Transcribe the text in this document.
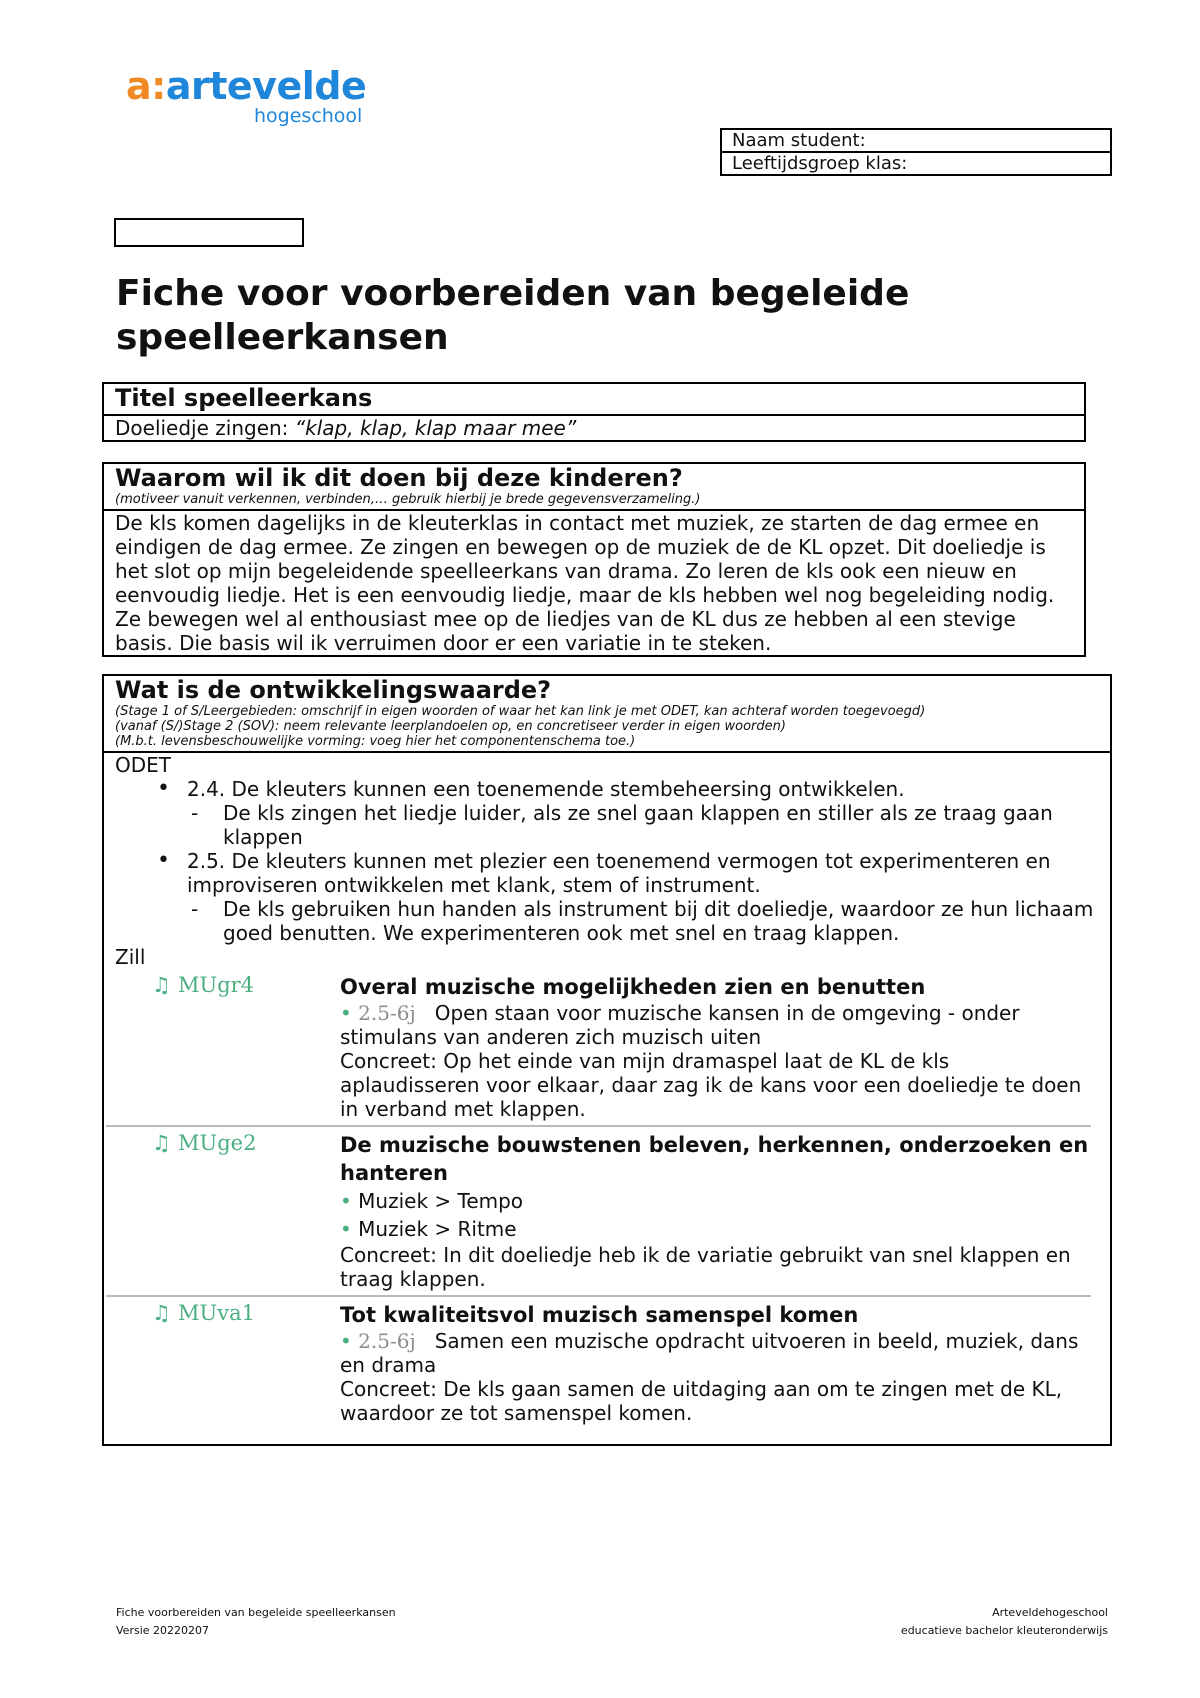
a:artevelde
hogeschool
Naam student:
Leeftijdsgroep klas:
Fiche voor voorbereiden van begeleide speelleerkansen
Titel speelleerkans
Doeliedje zingen: “klap, klap, klap maar mee”
Waarom wil ik dit doen bij deze kinderen?
(motiveer vanuit verkennen, verbinden,… gebruik hierbij je brede gegevensverzameling.)
De kls komen dagelijks in de kleuterklas in contact met muziek, ze starten de dag ermee en eindigen de dag ermee. Ze zingen en bewegen op de muziek de de KL opzet. Dit doeliedje is het slot op mijn begeleidende speelleerkans van drama. Zo leren de kls ook een nieuw en eenvoudig liedje. Het is een eenvoudig liedje, maar de kls hebben wel nog begeleiding nodig. Ze bewegen wel al enthousiast mee op de liedjes van de KL dus ze hebben al een stevige basis. Die basis wil ik verruimen door er een variatie in te steken.
Wat is de ontwikkelingswaarde?
(Stage 1 of S/Leergebieden: omschrijf in eigen woorden of waar het kan link je met ODET, kan achteraf worden toegevoegd)
(vanaf (S/)Stage 2 (SOV): neem relevante leerplandoelen op, en concretiseer verder in eigen woorden)
(M.b.t. levensbeschouwelijke vorming: voeg hier het componentenschema toe.)
ODET
• 2.4. De kleuters kunnen een toenemende stembeheersing ontwikkelen.
- De kls zingen het liedje luider, als ze snel gaan klappen en stiller als ze traag gaan klappen
• 2.5. De kleuters kunnen met plezier een toenemend vermogen tot experimenteren en improviseren ontwikkelen met klank, stem of instrument.
- De kls gebruiken hun handen als instrument bij dit doeliedje, waardoor ze hun lichaam goed benutten. We experimenteren ook met snel en traag klappen.
Zill
♫ MUgr4	Overal muzische mogelijkheden zien en benutten
• 2.5-6j Open staan voor muzische kansen in de omgeving - onder stimulans van anderen zich muzisch uiten
Concreet: Op het einde van mijn dramaspel laat de KL de kls aplaudisseren voor elkaar, daar zag ik de kans voor een doeliedje te doen in verband met klappen.
♫ MUge2	De muzische bouwstenen beleven, herkennen, onderzoeken en hanteren
• Muziek > Tempo
• Muziek > Ritme
Concreet: In dit doeliedje heb ik de variatie gebruikt van snel klappen en traag klappen.
♫ MUva1	Tot kwaliteitsvol muzisch samenspel komen
• 2.5-6j Samen een muzische opdracht uitvoeren in beeld, muziek, dans en drama
Concreet: De kls gaan samen de uitdaging aan om te zingen met de KL, waardoor ze tot samenspel komen.
Fiche voorbereiden van begeleide speelleerkansen
Versie 20220207
Arteveldehogeschool
educatieve bachelor kleuteronderwijs
